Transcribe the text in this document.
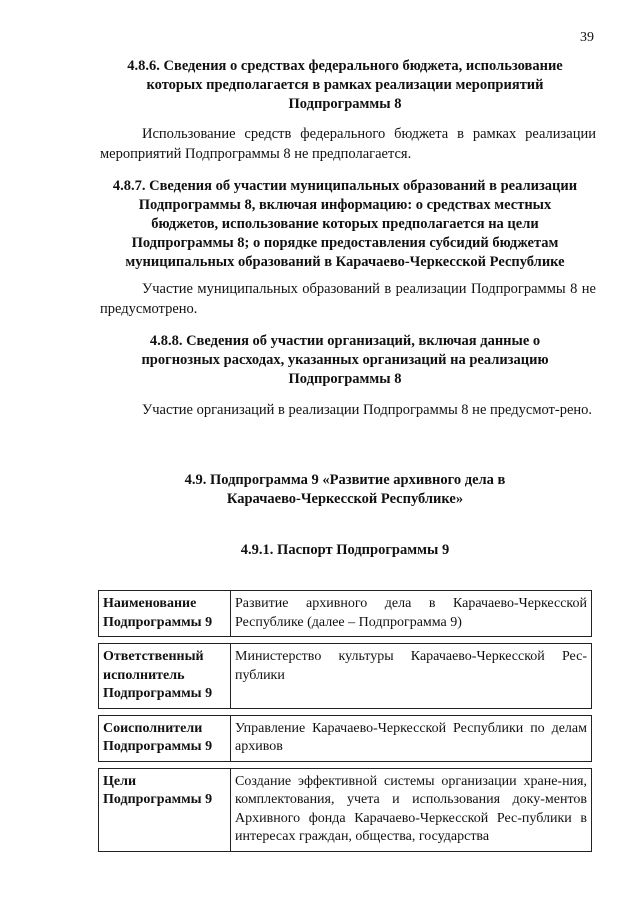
39
4.8.6. Сведения о средствах федерального бюджета, использование
которых предполагается в рамках реализации мероприятий
Подпрограммы 8
Использование средств федерального бюджета в рамках реализации мероприятий Подпрограммы 8 не предполагается.
4.8.7. Сведения об участии муниципальных образований в реализации
Подпрограммы 8, включая информацию: о средствах местных
бюджетов, использование которых предполагается на цели
Подпрограммы 8; о порядке предоставления субсидий бюджетам
муниципальных образований в Карачаево-Черкесской Республике
Участие муниципальных образований в реализации Подпрограммы 8 не предусмотрено.
4.8.8. Сведения об участии организаций, включая данные о
прогнозных расходах, указанных организаций на реализацию
Подпрограммы 8
Участие организаций в реализации Подпрограммы 8 не предусмот-рено.
4.9. Подпрограмма 9 «Развитие архивного дела в
Карачаево-Черкесской Республике»
4.9.1. Паспорт Подпрограммы 9
Наименование Подпрограммы 9	Развитие архивного дела в Карачаево-Черкесской Республике (далее – Подпрограмма 9)

Ответственный исполнитель Подпрограммы 9	Министерство культуры Карачаево-Черкесской Рес-публики

Соисполнители Подпрограммы 9	Управление Карачаево-Черкесской Республики по делам архивов

Цели Подпрограммы 9	Создание эффективной системы организации хране-ния, комплектования, учета и использования доку-ментов Архивного фонда Карачаево-Черкесской Рес-публики в интересах граждан, общества, государства
